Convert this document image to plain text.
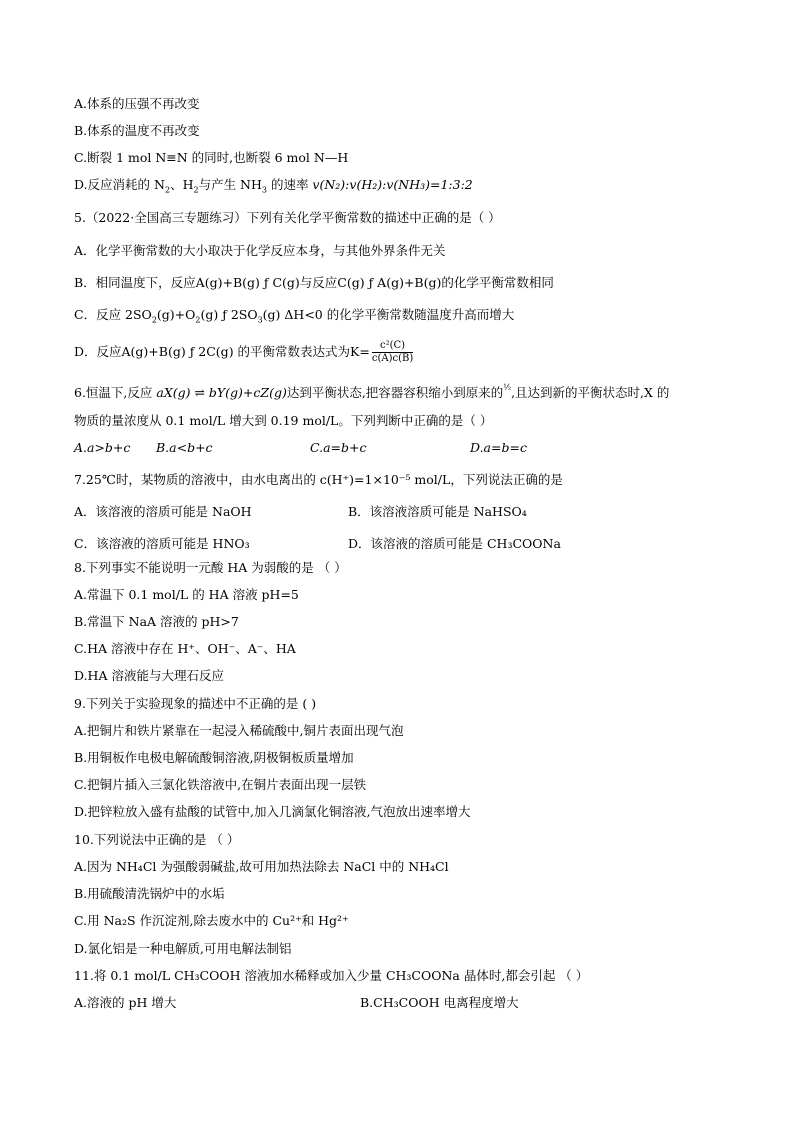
A.体系的压强不再改变
B.体系的温度不再改变
C.断裂 1 mol N≡N 的同时,也断裂 6 mol N—H
D.反应消耗的 $N_2$、$H_2$与产生 $NH_3$ 的速率 v(N₂):v(H₂):v(NH₃)=1:3:2
5.（2022·全国高三专题练习）下列有关化学平衡常数的描述中正确的是（ ）
A．化学平衡常数的大小取决于化学反应本身，与其他外界条件无关
B．相同温度下，反应A(g)+B(g) ƒ C(g)与反应C(g) ƒ A(g)+B(g)的化学平衡常数相同
C．反应 $2SO_2(g)+O_2(g)$ ƒ $2SO_3(g)$ ΔH<0 的化学平衡常数随温度升高而增大
D．反应A(g)+B(g) ƒ 2C(g) 的平衡常数表达式为$K= \frac{\text{c²(C)}}{c(A)c(B)}$
6.恒温下,反应 aX(g) ⇌ bY(g)+cZ(g)达到平衡状态,把容器容积缩小到原来的½,且达到新的平衡状态时,X 的
物质的量浓度从 0.1 mol/L 增大到 0.19 mol/L。下列判断中正确的是（ ）
A.a>b+c B.a<b+c	C.a=b+c	D.a=b=c
7.25℃时，某物质的溶液中，由水电离出的 c(H⁺)=1×10⁻⁵ mol/L，下列说法正确的是
A．该溶液的溶质可能是 NaOH	B．该溶液溶质可能是 NaHSO₄
C．该溶液的溶质可能是 HNO₃	D．该溶液的溶质可能是 CH₃COONa
8.下列事实不能说明一元酸 HA 为弱酸的是 （ ）
A.常温下 0.1 mol/L 的 HA 溶液 pH=5
B.常温下 NaA 溶液的 pH>7
C.HA 溶液中存在 H⁺、OH⁻、A⁻、HA
D.HA 溶液能与大理石反应
9.下列关于实验现象的描述中不正确的是 ( )
A.把铜片和铁片紧靠在一起浸入稀硫酸中,铜片表面出现气泡
B.用铜板作电极电解硫酸铜溶液,阴极铜板质量增加
C.把铜片插入三氯化铁溶液中,在铜片表面出现一层铁
D.把锌粒放入盛有盐酸的试管中,加入几滴氯化铜溶液,气泡放出速率增大
10.下列说法中正确的是 （ ）
A.因为 NH₄Cl 为强酸弱碱盐,故可用加热法除去 NaCl 中的 NH₄Cl
B.用硫酸清洗锅炉中的水垢
C.用 Na₂S 作沉淀剂,除去废水中的 Cu²⁺和 Hg²⁺
D.氯化铝是一种电解质,可用电解法制铝
11.将 0.1 mol/L CH₃COOH 溶液加水稀释或加入少量 CH₃COONa 晶体时,都会引起 （ ）
A.溶液的 pH 增大	B.CH₃COOH 电离程度增大
